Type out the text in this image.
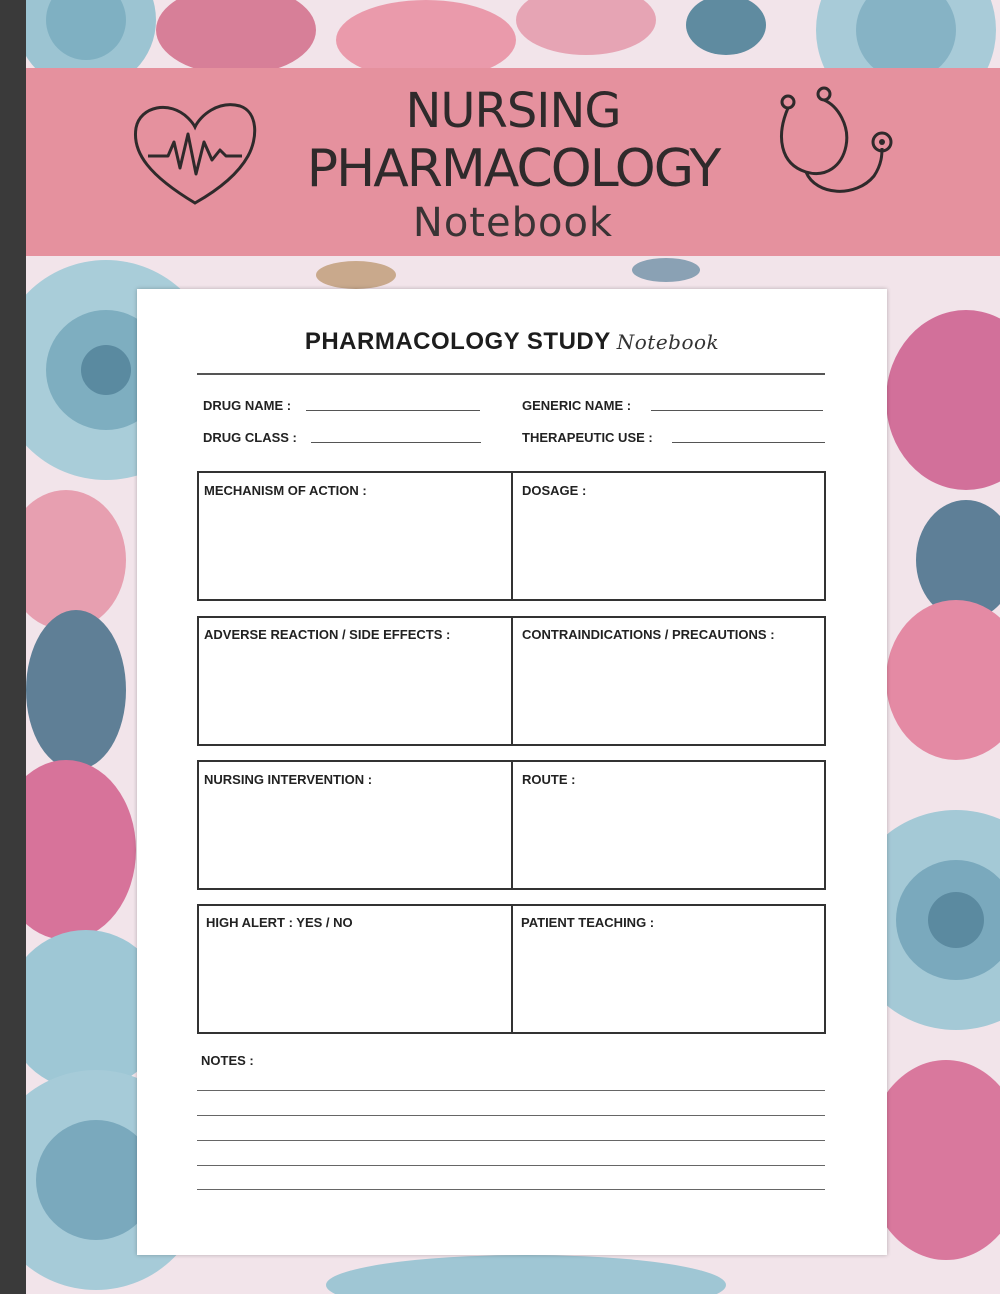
NURSING
PHARMACOLOGY
Notebook
PHARMACOLOGY STUDY Notebook
DRUG NAME :	GENERIC NAME :
DRUG CLASS :	THERAPEUTIC USE :
MECHANISM OF ACTION :	DOSAGE :
ADVERSE REACTION / SIDE EFFECTS :	CONTRAINDICATIONS / PRECAUTIONS :
NURSING INTERVENTION :	ROUTE :
HIGH ALERT : YES / NO	PATIENT TEACHING :
NOTES :
